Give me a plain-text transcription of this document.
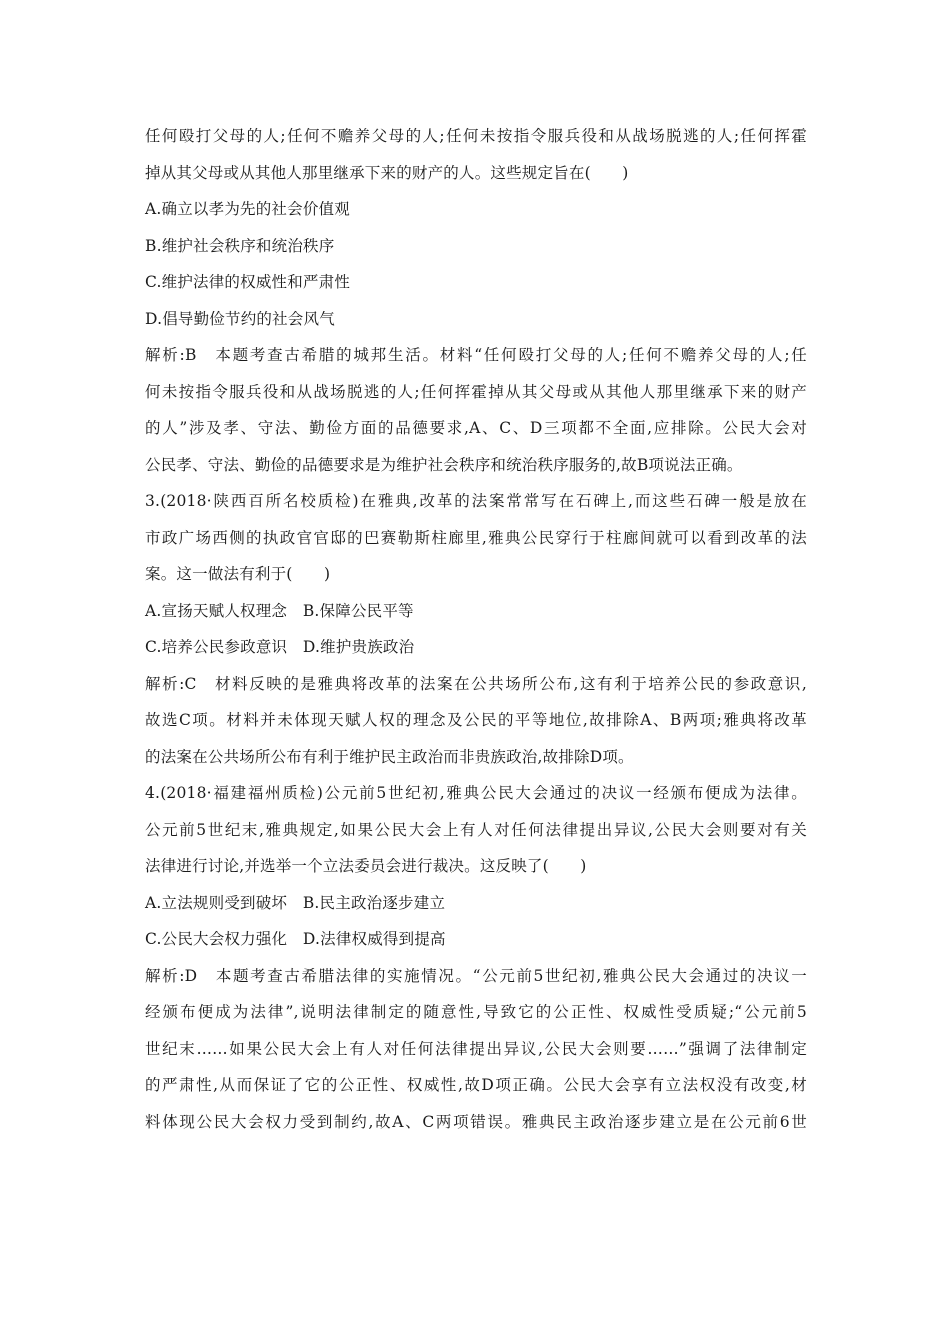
任何殴打父母的人;任何不赡养父母的人;任何未按指令服兵役和从战场脱逃的人;任何挥霍
掉从其父母或从其他人那里继承下来的财产的人。这些规定旨在(　　)
A.确立以孝为先的社会价值观
B.维护社会秩序和统治秩序
C.维护法律的权威性和严肃性
D.倡导勤俭节约的社会风气
解析:B　本题考查古希腊的城邦生活。材料“任何殴打父母的人;任何不赡养父母的人;任
何未按指令服兵役和从战场脱逃的人;任何挥霍掉从其父母或从其他人那里继承下来的财产
的人”涉及孝、守法、勤俭方面的品德要求,A、C、D三项都不全面,应排除。公民大会对
公民孝、守法、勤俭的品德要求是为维护社会秩序和统治秩序服务的,故B项说法正确。
3.(2018·陕西百所名校质检)在雅典,改革的法案常常写在石碑上,而这些石碑一般是放在
市政广场西侧的执政官官邸的巴赛勒斯柱廊里,雅典公民穿行于柱廊间就可以看到改革的法
案。这一做法有利于(　　)
A.宣扬天赋人权理念　B.保障公民平等
C.培养公民参政意识　D.维护贵族政治
解析:C　材料反映的是雅典将改革的法案在公共场所公布,这有利于培养公民的参政意识,
故选C项。材料并未体现天赋人权的理念及公民的平等地位,故排除A、B两项;雅典将改革
的法案在公共场所公布有利于维护民主政治而非贵族政治,故排除D项。
4.(2018·福建福州质检)公元前5世纪初,雅典公民大会通过的决议一经颁布便成为法律。
公元前5世纪末,雅典规定,如果公民大会上有人对任何法律提出异议,公民大会则要对有关
法律进行讨论,并选举一个立法委员会进行裁决。这反映了(　　)
A.立法规则受到破坏　B.民主政治逐步建立
C.公民大会权力强化　D.法律权威得到提高
解析:D　本题考查古希腊法律的实施情况。“公元前5世纪初,雅典公民大会通过的决议一
经颁布便成为法律”,说明法律制定的随意性,导致它的公正性、权威性受质疑;“公元前5
世纪末……如果公民大会上有人对任何法律提出异议,公民大会则要……”强调了法律制定
的严肃性,从而保证了它的公正性、权威性,故D项正确。公民大会享有立法权没有改变,材
料体现公民大会权力受到制约,故A、C两项错误。雅典民主政治逐步建立是在公元前6世
